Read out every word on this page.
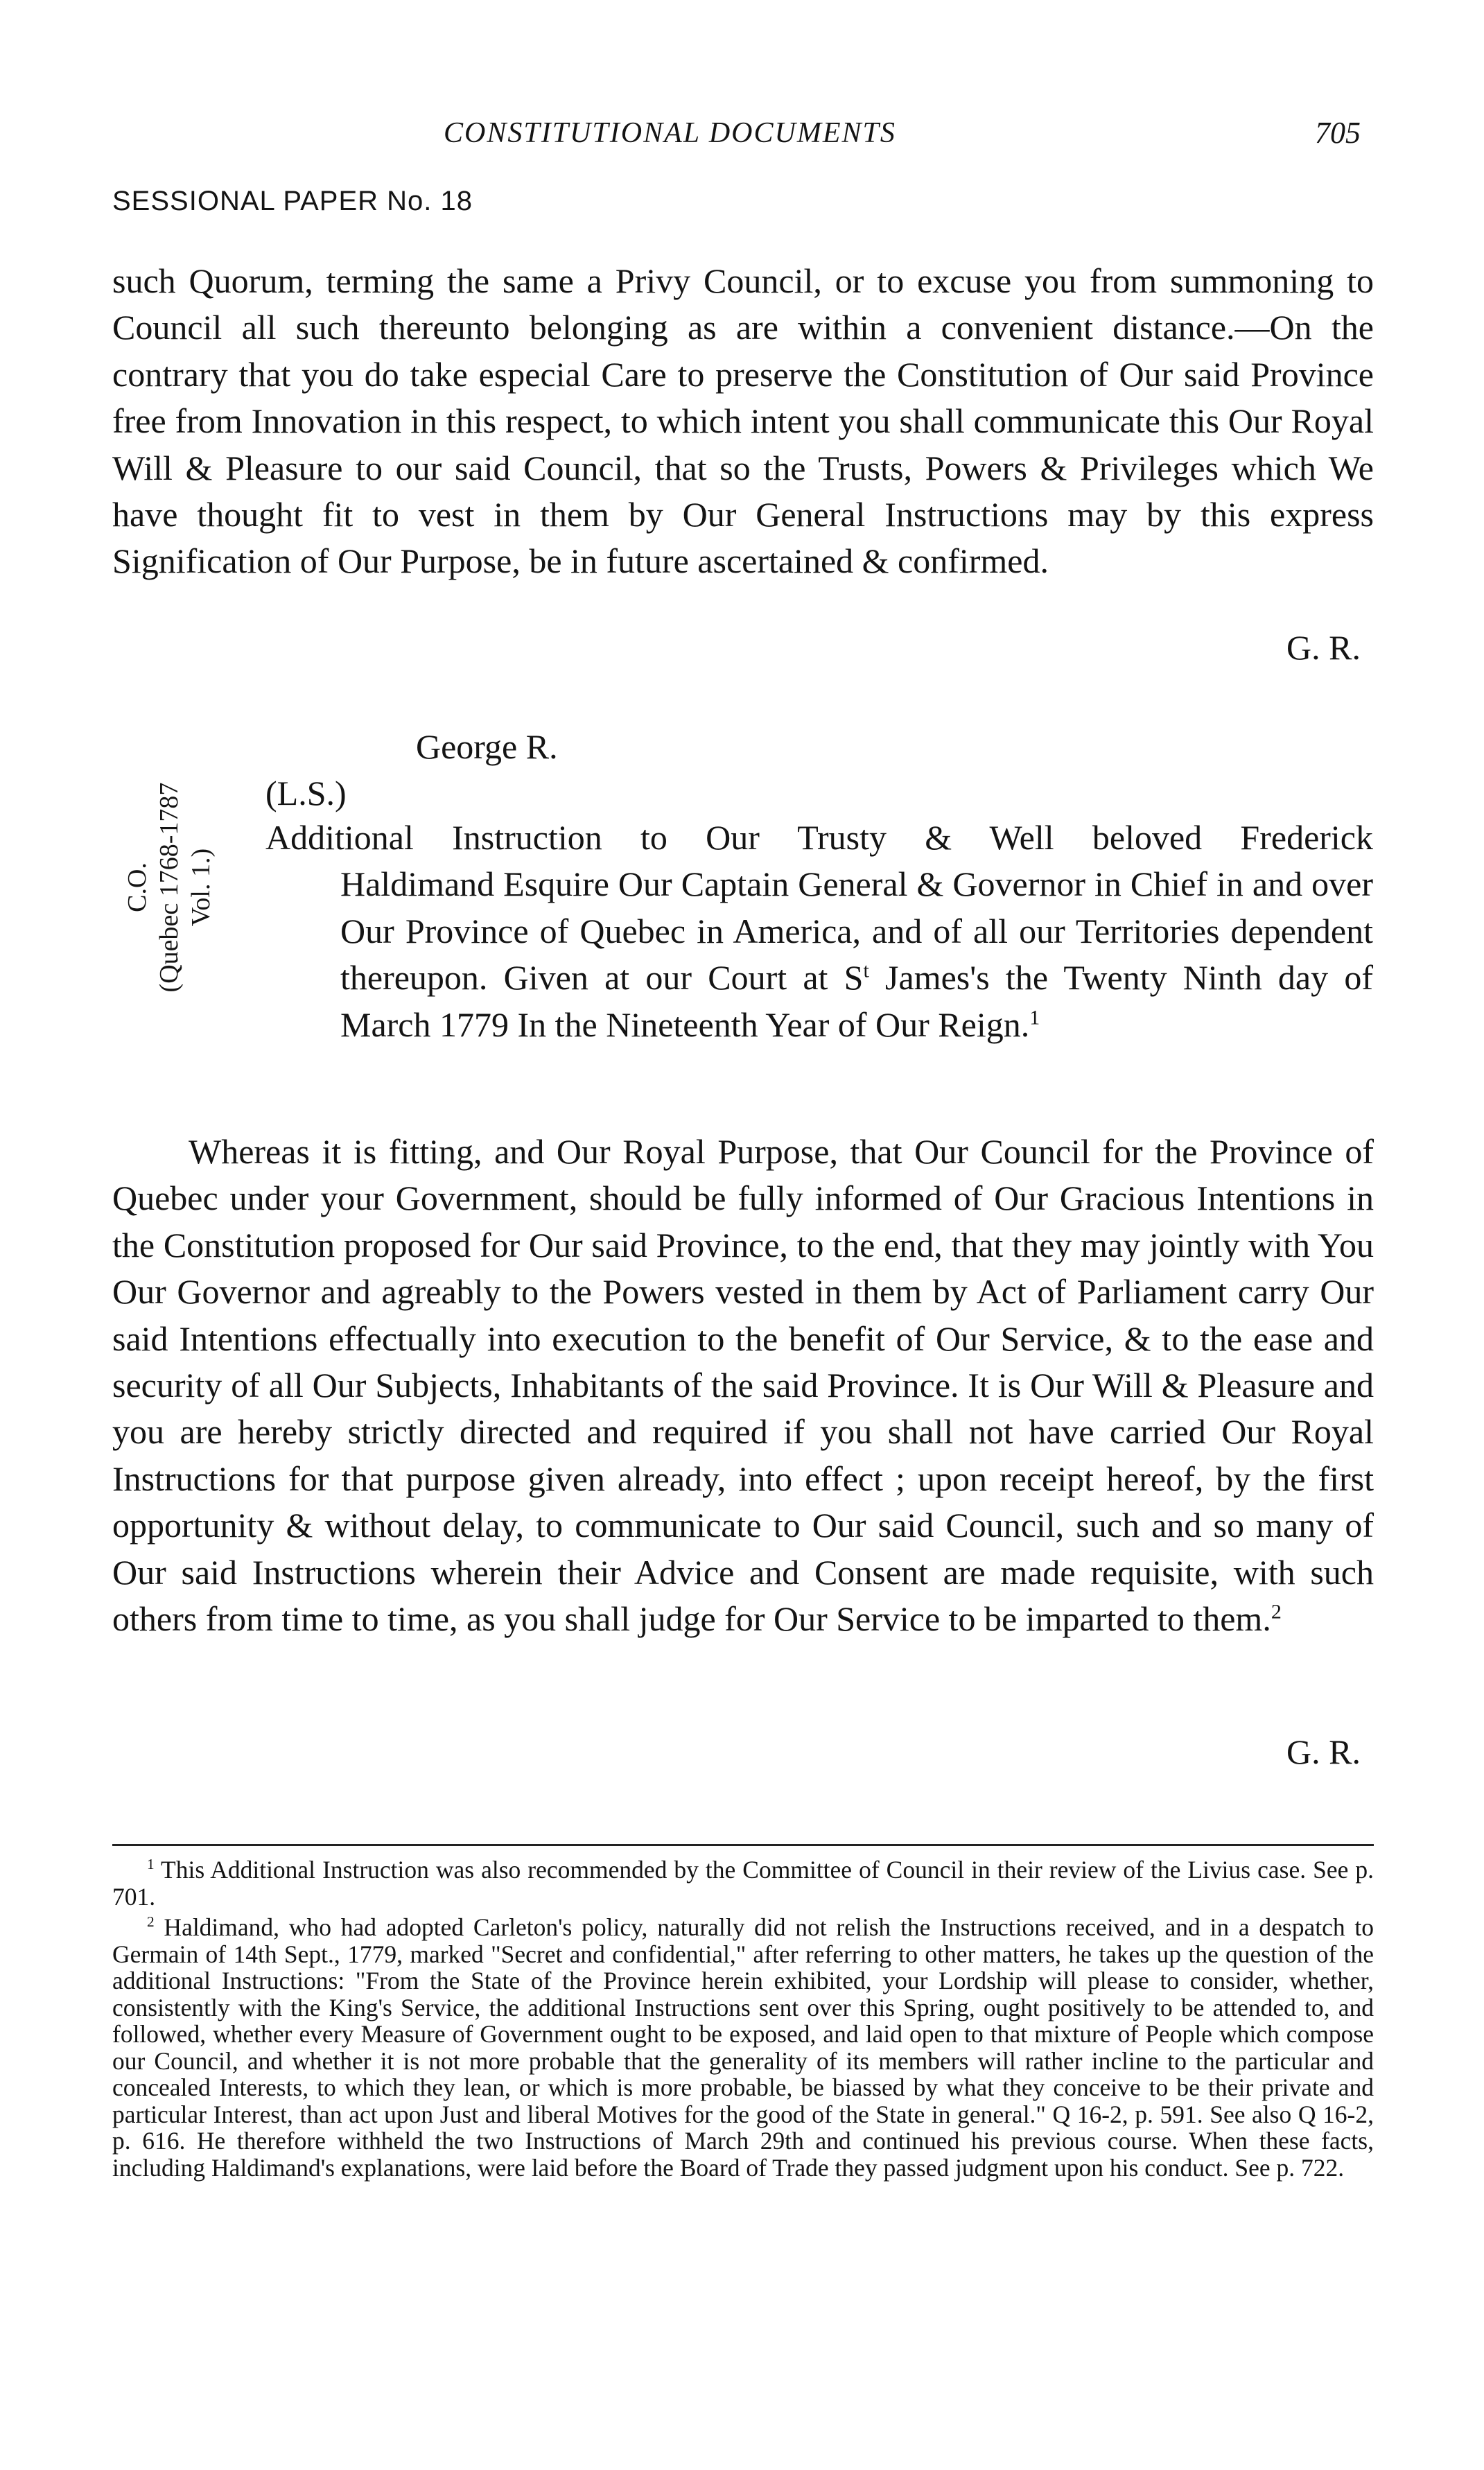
CONSTITUTIONAL DOCUMENTS	705
SESSIONAL PAPER No. 18

such Quorum, terming the same a Privy Council, or to excuse you from summoning to Council all such thereunto belonging as are within a convenient distance.—On the contrary that you do take especial Care to preserve the Constitution of Our said Province free from Innovation in this respect, to which intent you shall communicate this Our Royal Will & Pleasure to our said Council, that so the Trusts, Powers & Privileges which We have thought fit to vest in them by Our General Instructions may by this express Signification of Our Purpose, be in future ascertained & confirmed.

G. R.
George R.
(L.S.)
C.O. (Quebec 1768-1787 Vol. 1.)
Additional Instruction to Our Trusty & Well beloved Frederick
Haldimand Esquire Our Captain General & Governor in Chief in and over Our Province of Quebec in America, and of all our Territories dependent thereupon. Given at our Court at $S^t$ James's the Twenty Ninth day of March 1779 In the Nineteenth Year of Our Reign.$^1$

Whereas it is fitting, and Our Royal Purpose, that Our Council for the Province of Quebec under your Government, should be fully informed of Our Gracious Intentions in the Constitution proposed for Our said Province, to the end, that they may jointly with You Our Governor and agreably to the Powers vested in them by Act of Parliament carry Our said Intentions effectually into execution to the benefit of Our Service, & to the ease and security of all Our Subjects, Inhabitants of the said Province. It is Our Will & Pleasure and you are hereby strictly directed and required if you shall not have carried Our Royal Instructions for that purpose given already, into effect ; upon receipt hereof, by the first opportunity & without delay, to communicate to Our said Council, such and so many of Our said Instructions wherein their Advice and Consent are made requisite, with such others from time to time, as you shall judge for Our Service to be imparted to them.$^2$

G. R.

$^1$ This Additional Instruction was also recommended by the Committee of Council in their review of the Livius case. See p. 701.

$^2$ Haldimand, who had adopted Carleton's policy, naturally did not relish the Instructions received, and in a despatch to Germain of 14th Sept., 1779, marked "Secret and confidential," after referring to other matters, he takes up the question of the additional Instructions: "From the State of the Province herein exhibited, your Lordship will please to consider, whether, consistently with the King's Service, the additional Instructions sent over this Spring, ought positively to be attended to, and followed, whether every Measure of Government ought to be exposed, and laid open to that mixture of People which compose our Council, and whether it is not more probable that the generality of its members will rather incline to the particular and concealed Interests, to which they lean, or which is more probable, be biassed by what they conceive to be their private and particular Interest, than act upon Just and liberal Motives for the good of the State in general." Q 16-2, p. 591. See also Q 16-2, p. 616. He therefore withheld the two Instructions of March 29th and continued his previous course. When these facts, including Haldimand's explanations, were laid before the Board of Trade they passed judgment upon his conduct. See p. 722.
